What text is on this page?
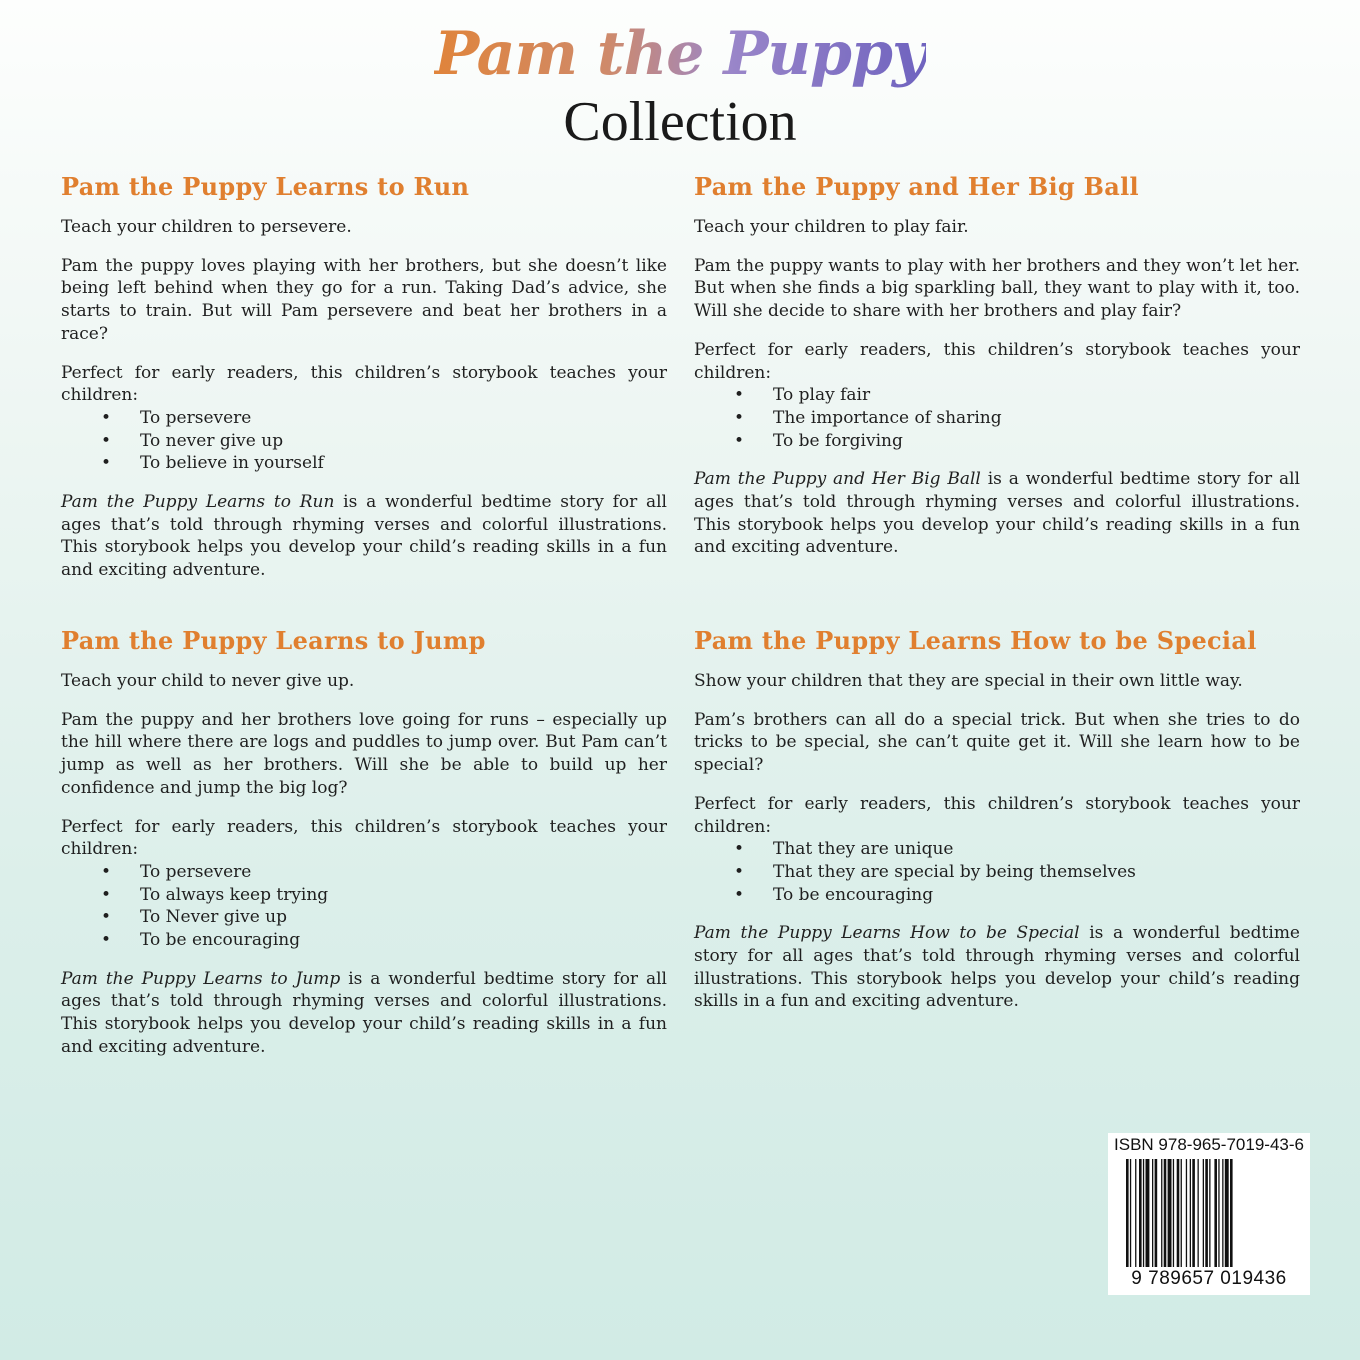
Pam the Puppy
Collection
Pam the Puppy Learns to Run

Teach your children to persevere.

Pam the puppy loves playing with her brothers, but she doesn’t like being left behind when they go for a run. Taking Dad’s advice, she starts to train. But will Pam persevere and beat her brothers in a race?

Perfect for early readers, this children’s storybook teaches your children:

• To persevere
• To never give up
• To believe in yourself

Pam the Puppy Learns to Run is a wonderful bedtime story for all ages that’s told through rhyming verses and colorful illustrations. This storybook helps you develop your child’s reading skills in a fun and exciting adventure.

Pam the Puppy and Her Big Ball

Teach your children to play fair.

Pam the puppy wants to play with her brothers and they won’t let her. But when she finds a big sparkling ball, they want to play with it, too. Will she decide to share with her brothers and play fair?

Perfect for early readers, this children’s storybook teaches your children:

• To play fair
• The importance of sharing
• To be forgiving

Pam the Puppy and Her Big Ball is a wonderful bedtime story for all ages that’s told through rhyming verses and colorful illustrations. This storybook helps you develop your child’s reading skills in a fun and exciting adventure.

Pam the Puppy Learns to Jump

Teach your child to never give up.

Pam the puppy and her brothers love going for runs – especially up the hill where there are logs and puddles to jump over. But Pam can’t jump as well as her brothers. Will she be able to build up her confidence and jump the big log?

Perfect for early readers, this children’s storybook teaches your children:

• To persevere
• To always keep trying
• To Never give up
• To be encouraging

Pam the Puppy Learns to Jump is a wonderful bedtime story for all ages that’s told through rhyming verses and colorful illustrations. This storybook helps you develop your child’s reading skills in a fun and exciting adventure.

Pam the Puppy Learns How to be Special

Show your children that they are special in their own little way.

Pam’s brothers can all do a special trick. But when she tries to do tricks to be special, she can’t quite get it. Will she learn how to be special?

Perfect for early readers, this children’s storybook teaches your children:

• That they are unique
• That they are special by being themselves
• To be encouraging

Pam the Puppy Learns How to be Special is a wonderful bedtime story for all ages that’s told through rhyming verses and colorful illustrations. This storybook helps you develop your child’s reading skills in a fun and exciting adventure.

ISBN 978-965-7019-43-6
9 789657 019436
